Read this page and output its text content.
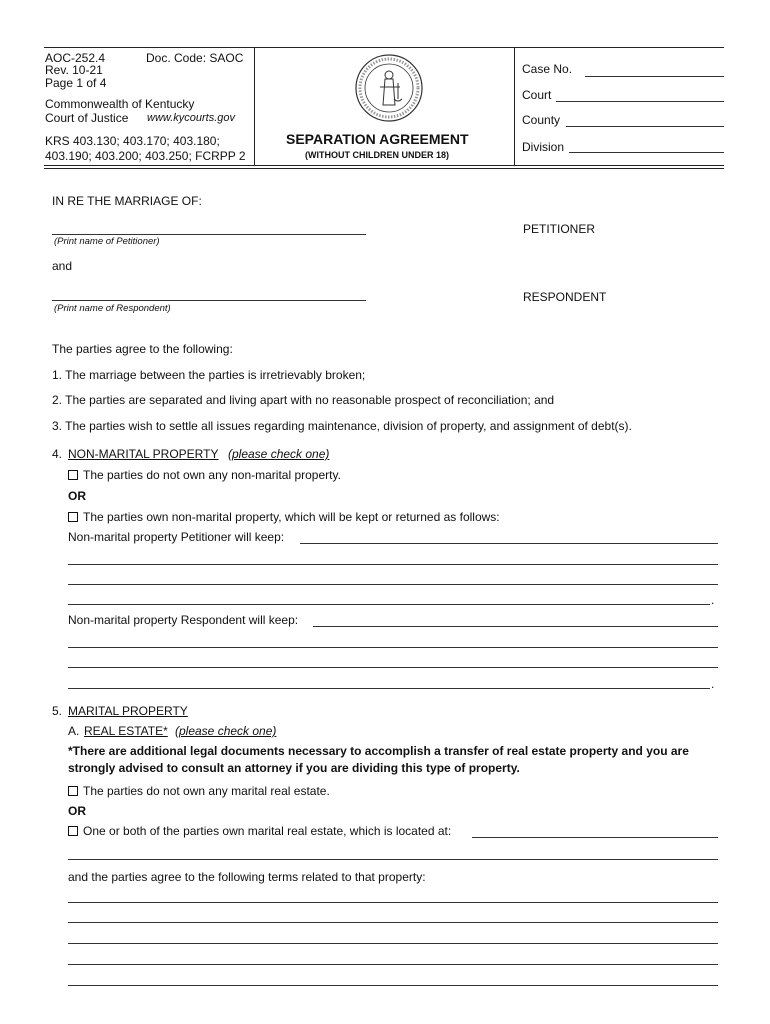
AOC-252.4	Doc. Code: SAOC
Rev. 10-21
Page 1 of 4
Commonwealth of Kentucky
Court of Justice www.kycourts.gov
KRS 403.130; 403.170; 403.180;
403.190; 403.200; 403.250; FCRPP 2
SEPARATION AGREEMENT
(WITHOUT CHILDREN UNDER 18)
Case No.
Court
County
Division
IN RE THE MARRIAGE OF:
(Print name of Petitioner)
PETITIONER
and
(Print name of Respondent)
RESPONDENT
The parties agree to the following:
1. The marriage between the parties is irretrievably broken;
2. The parties are separated and living apart with no reasonable prospect of reconciliation; and
3. The parties wish to settle all issues regarding maintenance, division of property, and assignment of debt(s).
4. NON-MARITAL PROPERTY (please check one)
The parties do not own any non-marital property.
OR
The parties own non-marital property, which will be kept or returned as follows:
Non-marital property Petitioner will keep:
.
Non-marital property Respondent will keep:
.
5. MARITAL PROPERTY
A. REAL ESTATE* (please check one)
*There are additional legal documents necessary to accomplish a transfer of real estate property and you are strongly advised to consult an attorney if you are dividing this type of property.
The parties do not own any marital real estate.
OR
One or both of the parties own marital real estate, which is located at:
and the parties agree to the following terms related to that property:
